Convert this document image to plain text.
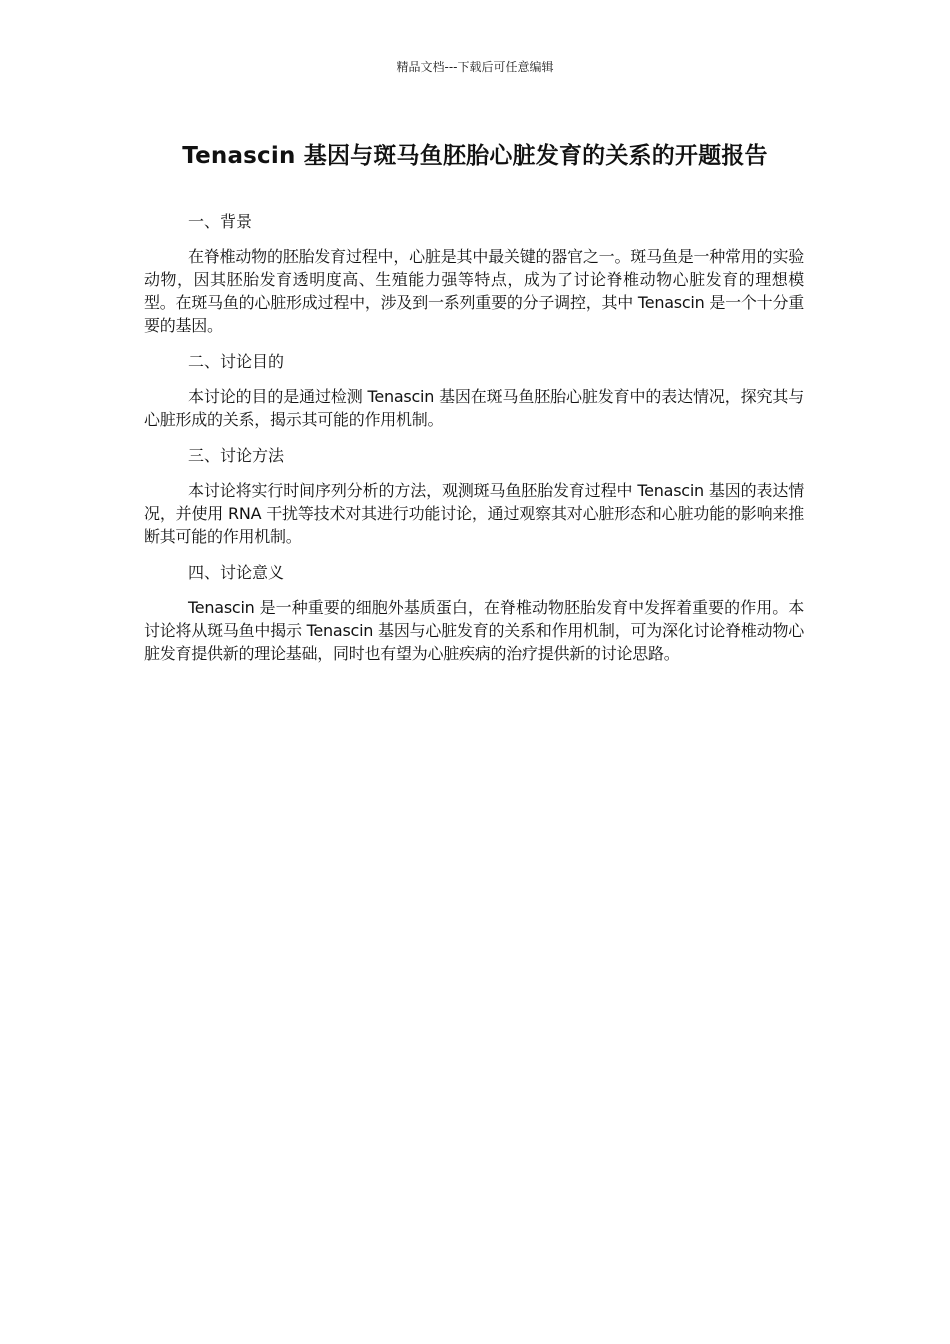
精品文档---下载后可任意编辑
Tenascin 基因与斑马鱼胚胎心脏发育的关系的开题报告
一、背景

在脊椎动物的胚胎发育过程中，心脏是其中最关键的器官之一。斑马鱼是一种常用的实验动物，因其胚胎发育透明度高、生殖能力强等特点，成为了讨论脊椎动物心脏发育的理想模型。在斑马鱼的心脏形成过程中，涉及到一系列重要的分子调控，其中 Tenascin 是一个十分重要的基因。

二、讨论目的

本讨论的目的是通过检测 Tenascin 基因在斑马鱼胚胎心脏发育中的表达情况，探究其与心脏形成的关系，揭示其可能的作用机制。

三、讨论方法

本讨论将实行时间序列分析的方法，观测斑马鱼胚胎发育过程中 Tenascin 基因的表达情况，并使用 RNA 干扰等技术对其进行功能讨论，通过观察其对心脏形态和心脏功能的影响来推断其可能的作用机制。

四、讨论意义

Tenascin 是一种重要的细胞外基质蛋白，在脊椎动物胚胎发育中发挥着重要的作用。本讨论将从斑马鱼中揭示 Tenascin 基因与心脏发育的关系和作用机制，可为深化讨论脊椎动物心脏发育提供新的理论基础，同时也有望为心脏疾病的治疗提供新的讨论思路。
